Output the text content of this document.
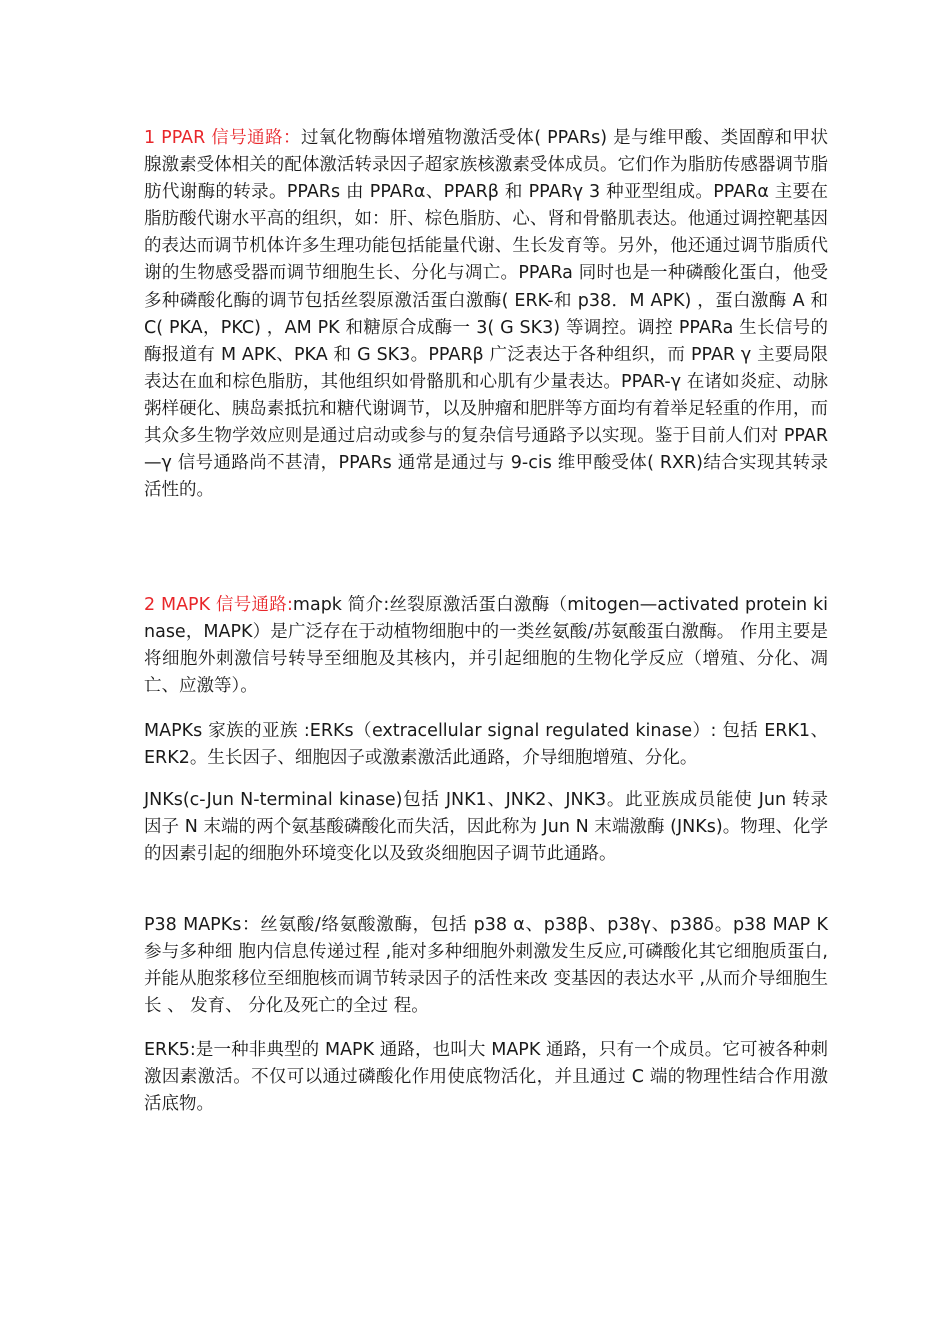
1 PPAR 信号通路：过氧化物酶体增殖物激活受体( PPARs) 是与维甲酸、类固醇和甲状腺激素受体相关的配体激活转录因子超家族核激素受体成员。它们作为脂肪传感器调节脂肪代谢酶的转录。PPARs 由 PPARα、PPARβ 和 PPARγ 3 种亚型组成。PPARα 主要在脂肪酸代谢水平高的组织，如：肝、棕色脂肪、心、肾和骨骼肌表达。他通过调控靶基因的表达而调节机体许多生理功能包括能量代谢、生长发育等。另外，他还通过调节脂质代谢的生物感受器而调节细胞生长、分化与凋亡。PPARa 同时也是一种磷酸化蛋白，他受多种磷酸化酶的调节包括丝裂原激活蛋白激酶( ERK-和 p38．M APK) ，蛋白激酶 A 和 C( PKA，PKC) ，AM PK 和糖原合成酶一 3( G SK3) 等调控。调控 PPARa 生长信号的酶报道有 M APK、PKA 和 G SK3。PPARβ 广泛表达于各种组织，而 PPAR γ 主要局限表达在血和棕色脂肪，其他组织如骨骼肌和心肌有少量表达。PPAR-γ 在诸如炎症、动脉粥样硬化、胰岛素抵抗和糖代谢调节，以及肿瘤和肥胖等方面均有着举足轻重的作用，而其众多生物学效应则是通过启动或参与的复杂信号通路予以实现。鉴于目前人们对 PPAR—γ 信号通路尚不甚清，PPARs 通常是通过与 9-cis 维甲酸受体( RXR)结合实现其转录活性的。

2 MAPK 信号通路:mapk 简介:丝裂原激活蛋白激酶（mitogen—activated protein kinase，MAPK）是广泛存在于动植物细胞中的一类丝氨酸/苏氨酸蛋白激酶。 作用主要是将细胞外刺激信号转导至细胞及其核内，并引起细胞的生物化学反应（增殖、分化、凋亡、应激等）。

MAPKs 家族的亚族 :ERKs（extracellular signal regulated kinase）: 包括 ERK1、ERK2。生长因子、细胞因子或激素激活此通路，介导细胞增殖、分化。

JNKs(c-Jun N-terminal kinase)包括 JNK1、JNK2、JNK3。此亚族成员能使 Jun 转录因子 N 末端的两个氨基酸磷酸化而失活，因此称为 Jun N 末端激酶 (JNKs)。物理、化学的因素引起的细胞外环境变化以及致炎细胞因子调节此通路。

P38 MAPKs：丝氨酸/络氨酸激酶，包括 p38 α、p38β、p38γ、p38δ。p38 MAP K 参与多种细 胞内信息传递过程 ,能对多种细胞外刺激发生反应,可磷酸化其它细胞质蛋白,并能从胞浆移位至细胞核而调节转录因子的活性来改 变基因的表达水平 ,从而介导细胞生长 、 发育、 分化及死亡的全过 程。

ERK5:是一种非典型的 MAPK 通路，也叫大 MAPK 通路，只有一个成员。它可被各种刺激因素激活。不仅可以通过磷酸化作用使底物活化，并且通过 C 端的物理性结合作用激活底物。
